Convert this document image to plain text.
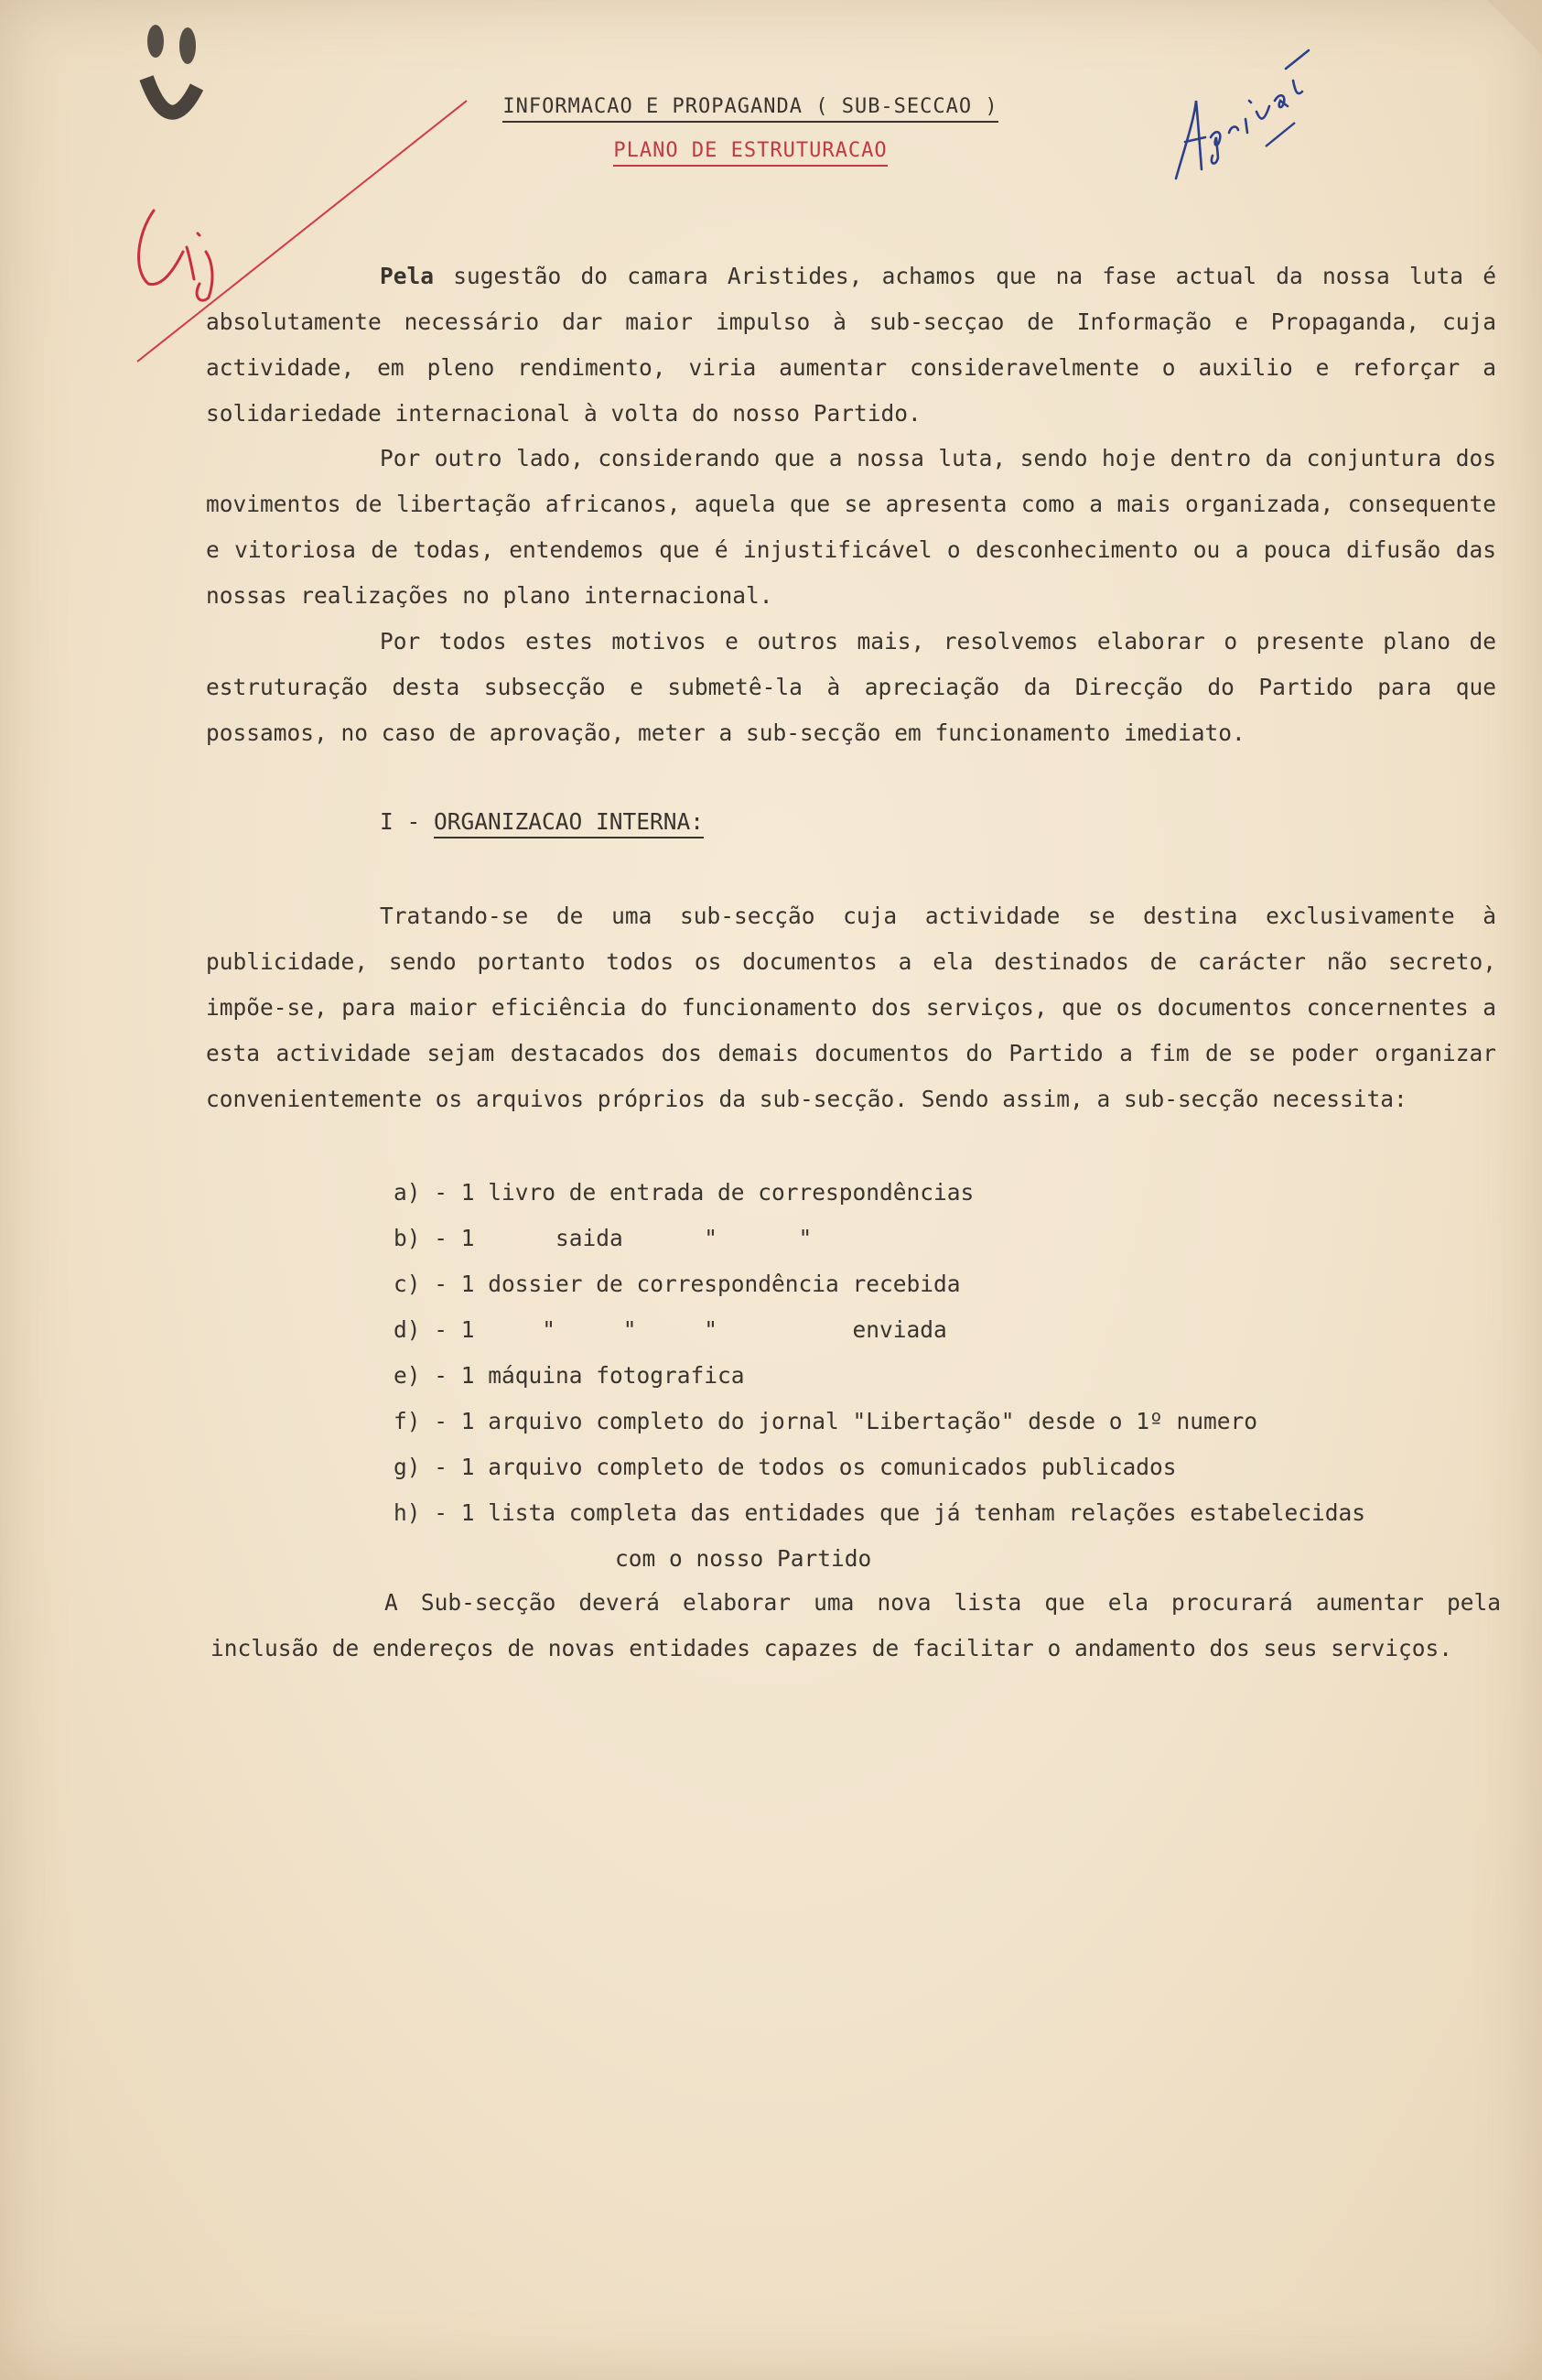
INFORMACAO E PROPAGANDA ( SUB-SECCAO )
PLANO DE ESTRUTURACAO

Pela sugestão do camara Aristides, achamos que na fase actual da nossa luta é absolutamente necessário dar maior impulso à sub-secçao de Informação e Propaganda, cuja actividade, em pleno rendimento, viria aumentar consideravelmente o auxilio e reforçar a solidariedade internacional à volta do nosso Partido.

Por outro lado, considerando que a nossa luta, sendo hoje dentro da conjuntura dos movimentos de libertação africanos, aquela que se apresenta como a mais organizada, consequente e vitoriosa de todas, entendemos que é injustificável o desconhecimento ou a pouca difusão das nossas realizações no plano internacional.

Por todos estes motivos e outros mais, resolvemos elaborar o presente plano de estruturação desta subsecção e submetê-la à apreciação da Direcção do Partido para que possamos, no caso de aprovação, meter a sub-secção em funcionamento imediato.

I - ORGANIZACAO INTERNA:

Tratando-se de uma sub-secção cuja actividade se destina exclusivamente à publicidade, sendo portanto todos os documentos a ela destinados de carácter não secreto, impõe-se, para maior eficiência do funcionamento dos serviços, que os documentos concernentes a esta actividade sejam destacados dos demais documentos do Partido a fim de se poder organizar convenientemente os arquivos próprios da sub-secção. Sendo assim, a sub-secção necessita:

a) - 1 livro de entrada de correspondências
b) - 1      saida      "      "
c) - 1 dossier de correspondência recebida
d) - 1     "     "     "          enviada
e) - 1 máquina fotografica
f) - 1 arquivo completo do jornal "Libertação" desde o 1º numero
g) - 1 arquivo completo de todos os comunicados publicados
h) - 1 lista completa das entidades que já tenham relações estabelecidas
com o nosso Partido

A Sub-secção deverá elaborar uma nova lista que ela procurará aumentar pela inclusão de endereços de novas entidades capazes de facilitar o andamento dos seus serviços.
